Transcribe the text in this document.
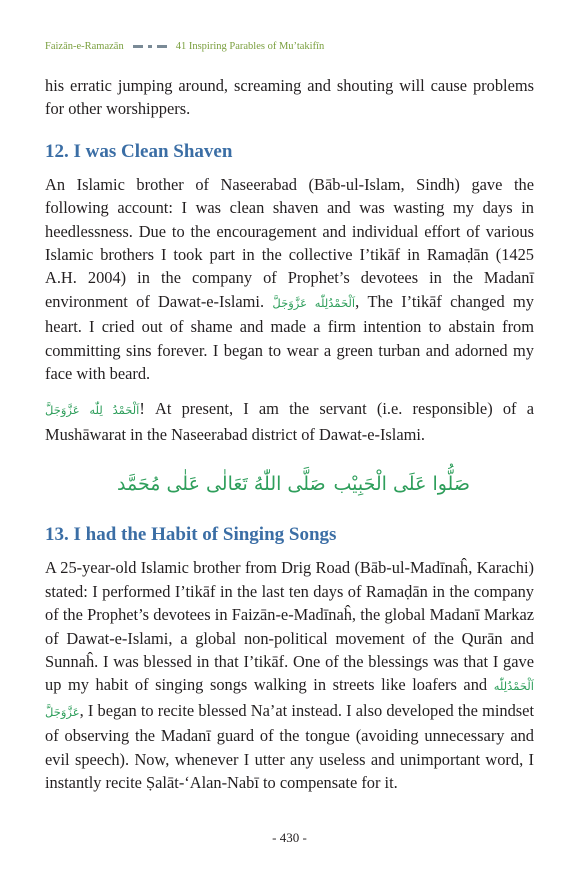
Faizān-e-Ramazān	41 Inspiring Parables of Mu’takifīn

his erratic jumping around, screaming and shouting will cause problems for other worshippers.

12. I was Clean Shaven

An Islamic brother of Naseerabad (Bāb-ul-Islam, Sindh) gave the following account: I was clean shaven and was wasting my days in heedlessness. Due to the encouragement and individual effort of various Islamic brothers I took part in the collective I’tikāf in Ramaḍān (1425 A.H. 2004) in the company of Prophet’s devotees in the Madanī environment of Dawat-e-Islami. اَلْحَمْدُلِلّٰه عَزَّوَجَلَّ, The I’tikāf changed my heart. I cried out of shame and made a firm intention to abstain from committing sins forever. I began to wear a green turban and adorned my face with beard.

اَلْحَمْدُ لِلّٰه عَزَّوَجَلَّ! At present, I am the servant (i.e. responsible) of a Mushāwarat in the Naseerabad district of Dawat-e-Islami.

صَلُّوا عَلَی الْحَبِیْب
صَلَّی اللّٰهُ تَعَالٰی عَلٰی مُحَمَّد
13. I had the Habit of Singing Songs

A 25-year-old Islamic brother from Drig Road (Bāb-ul-Madīnaĥ, Karachi) stated: I performed I’tikāf in the last ten days of Ramaḍān in the company of the Prophet’s devotees in Faizān-e-Madīnaĥ, the global Madanī Markaz of Dawat-e-Islami, a global non-political movement of the Qurān and Sunnaĥ. I was blessed in that I’tikāf. One of the blessings was that I gave up my habit of singing songs walking in streets like loafers and اَلْحَمْدُلِلّٰه عَزَّوَجَلَّ, I began to recite blessed Na’at instead. I also developed the mindset of observing the Madanī guard of the tongue (avoiding unnecessary and evil speech). Now, whenever I utter any useless and unimportant word, I instantly recite Ṣalāt-‘Alan-Nabī to compensate for it.

- 430 -
